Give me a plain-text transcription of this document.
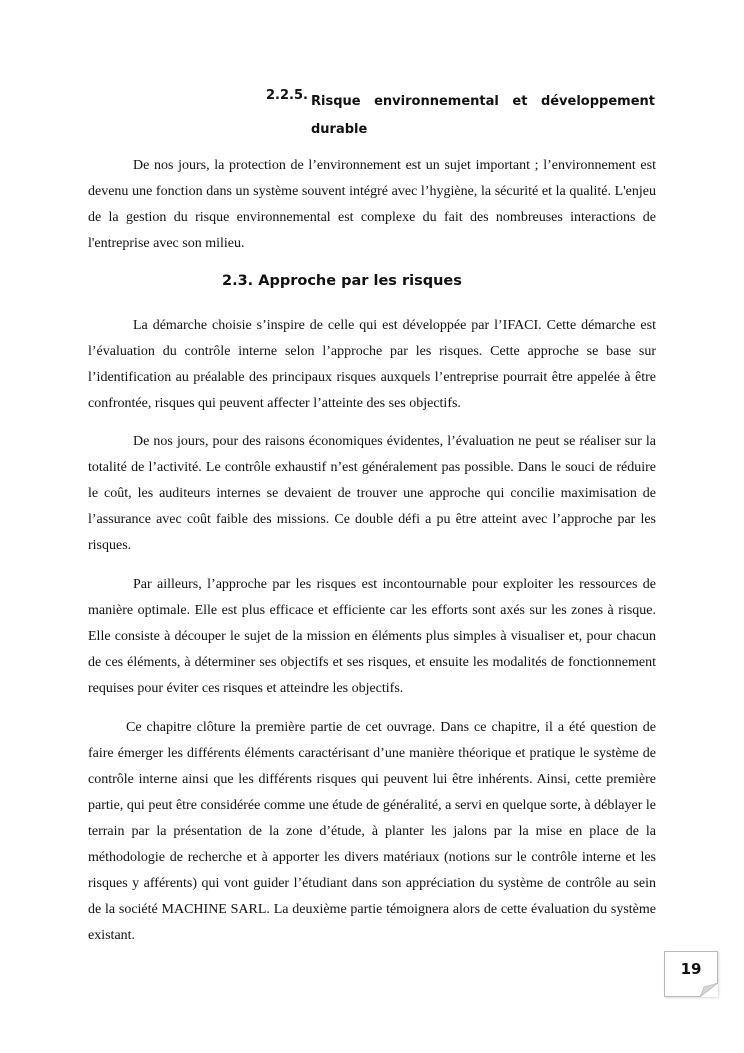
2.2.5. Risque environnemental et développement
durable

De nos jours, la protection de l’environnement est un sujet important ; l’environnement est devenu une fonction dans un système souvent intégré avec l’hygiène, la sécurité et la qualité. L'enjeu de la gestion du risque environnemental est complexe du fait des nombreuses interactions de l'entreprise avec son milieu.

2.3. Approche par les risques

La démarche choisie s’inspire de celle qui est développée par l’IFACI. Cette démarche est l’évaluation du contrôle interne selon l’approche par les risques. Cette approche se base sur l’identification au préalable des principaux risques auxquels l’entreprise pourrait être appelée à être confrontée, risques qui peuvent affecter l’atteinte des ses objectifs.

De nos jours, pour des raisons économiques évidentes, l’évaluation ne peut se réaliser sur la totalité de l’activité. Le contrôle exhaustif n’est généralement pas possible. Dans le souci de réduire le coût, les auditeurs internes se devaient de trouver une approche qui concilie maximisation de l’assurance avec coût faible des missions. Ce double défi a pu être atteint avec l’approche par les risques.

Par ailleurs, l’approche par les risques est incontournable pour exploiter les ressources de manière optimale. Elle est plus efficace et efficiente car les efforts sont axés sur les zones à risque. Elle consiste à découper le sujet de la mission en éléments plus simples à visualiser et, pour chacun de ces éléments, à déterminer ses objectifs et ses risques, et ensuite les modalités de fonctionnement requises pour éviter ces risques et atteindre les objectifs.

Ce chapitre clôture la première partie de cet ouvrage. Dans ce chapitre, il a été question de faire émerger les différents éléments caractérisant d’une manière théorique et pratique le système de contrôle interne ainsi que les différents risques qui peuvent lui être inhérents. Ainsi, cette première partie, qui peut être considérée comme une étude de généralité, a servi en quelque sorte, à déblayer le terrain par la présentation de la zone d’étude, à planter les jalons par la mise en place de la méthodologie de recherche et à apporter les divers matériaux (notions sur le contrôle interne et les risques y afférents) qui vont guider l’étudiant dans son appréciation du système de contrôle au sein de la société MACHINE SARL. La deuxième partie témoignera alors de cette évaluation du système existant.

19
